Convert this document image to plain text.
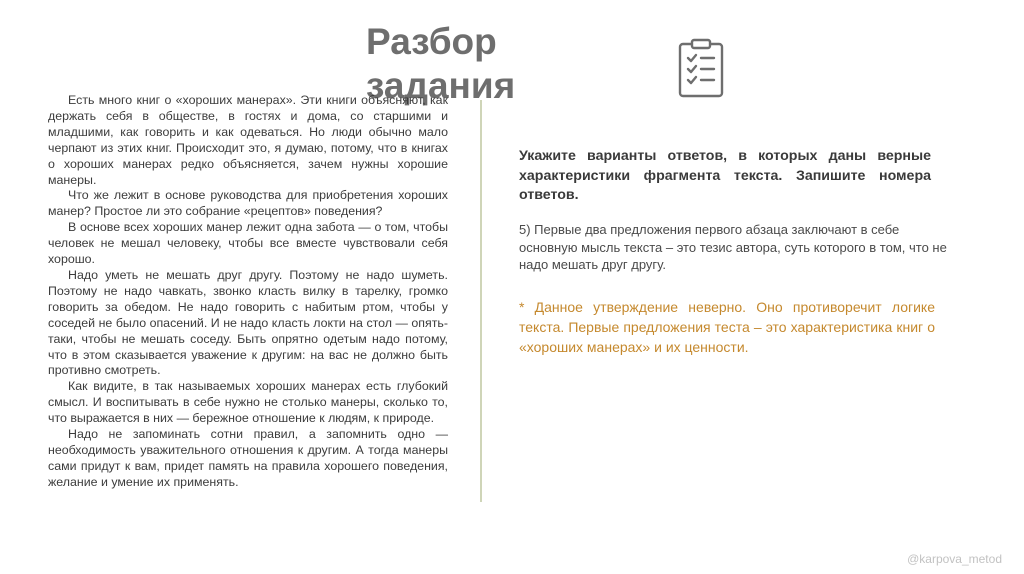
Разбор
задания

Есть много книг о «хороших манерах». Эти книги объясняют, как держать себя в обществе, в гостях и дома, со старшими и младшими, как говорить и как одеваться. Но люди обычно мало черпают из этих книг. Происходит это, я думаю, потому, что в книгах о хороших манерах редко объясняется, зачем нужны хорошие манеры.

Что же лежит в основе руководства для приобретения хороших манер? Простое ли это собрание «рецептов» поведения?

В основе всех хороших манер лежит одна забота — о том, чтобы человек не мешал человеку, чтобы все вместе чувствовали себя хорошо.

Надо уметь не мешать друг другу. Поэтому не надо шуметь. Поэтому не надо чавкать, звонко класть вилку в тарелку, громко говорить за обедом. Не надо говорить с набитым ртом, чтобы у соседей не было опасений. И не надо класть локти на стол — опять-таки, чтобы не мешать соседу. Быть опрятно одетым надо потому, что в этом сказывается уважение к другим: на вас не должно быть противно смотреть.

Как видите, в так называемых хороших манерах есть глубокий смысл. И воспитывать в себе нужно не столько манеры, сколько то, что выражается в них — бережное отношение к людям, к природе.

Надо не запоминать сотни правил, а запомнить одно — необходимость уважительного отношения к другим. А тогда манеры сами придут к вам, придет память на правила хорошего поведения, желание и умение их применять.

Укажите варианты ответов, в которых даны верные характеристики фрагмента текста. Запишите номера ответов.
5) Первые два предложения первого абзаца заключают в себе основную мысль текста – это тезис автора, суть которого в том, что не надо мешать друг другу.
* Данное утверждение неверно. Оно противоречит логике текста. Первые предложения теста – это характеристика книг о «хороших манерах» и их ценности.
@karpova_metod
